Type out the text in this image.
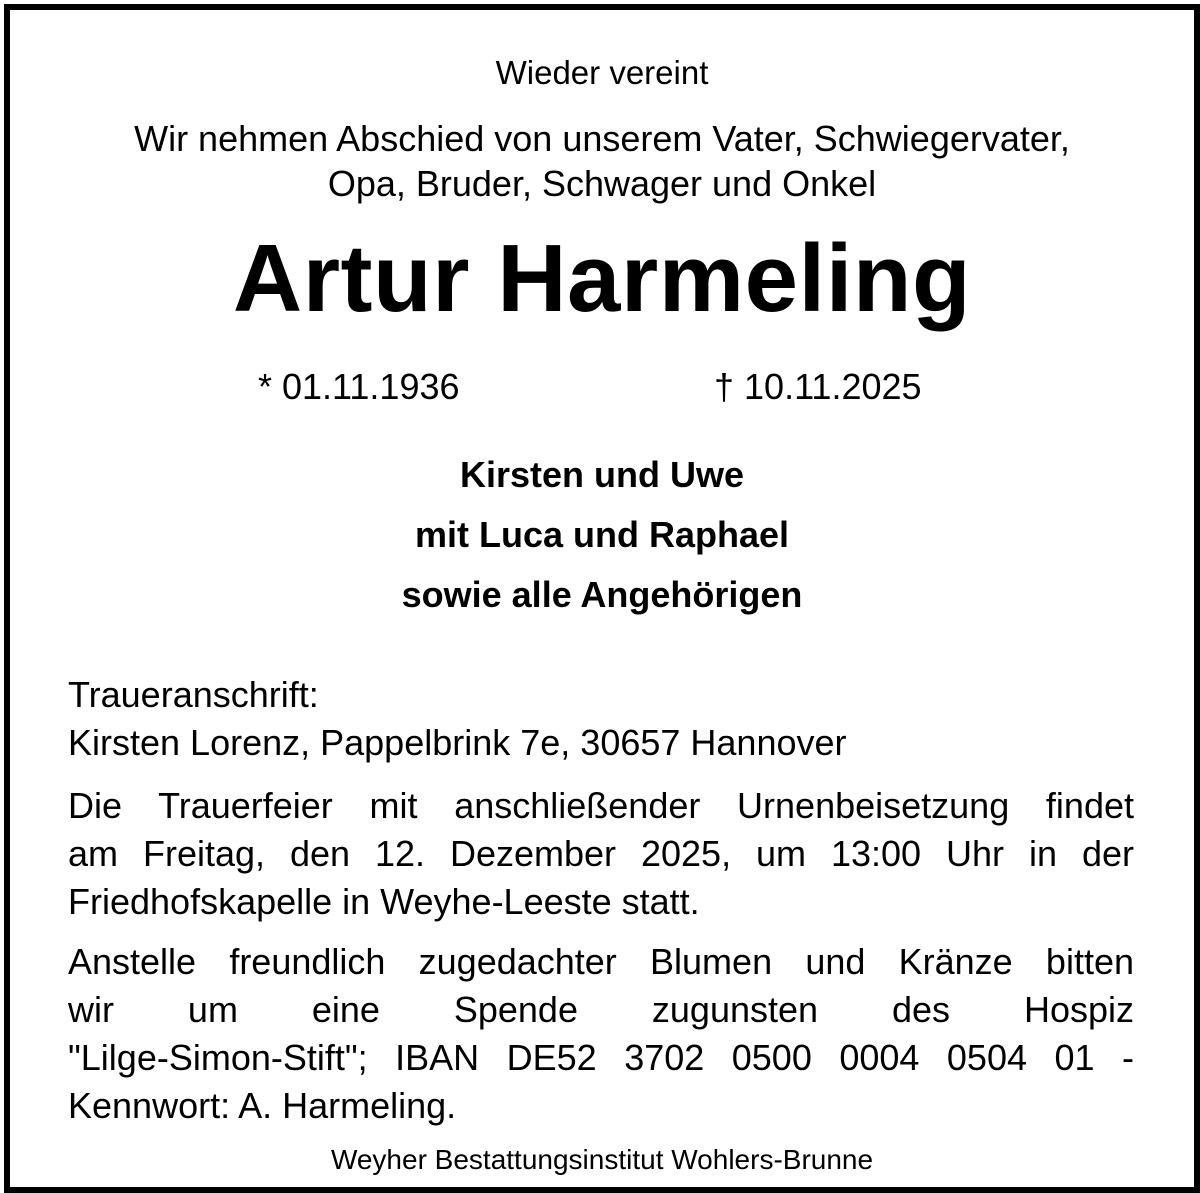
Wieder vereint
Wir nehmen Abschied von unserem Vater, Schwiegervater,
Opa, Bruder, Schwager und Onkel
Artur Harmeling
* 01.11.1936	† 10.11.2025
Kirsten und Uwe
mit Luca und Raphael
sowie alle Angehörigen
Traueranschrift:
Kirsten Lorenz, Pappelbrink 7e, 30657 Hannover
Die Trauerfeier mit anschließender Urnenbeisetzung findet
am Freitag, den 12. Dezember 2025, um 13:00 Uhr in der
Friedhofskapelle in Weyhe-Leeste statt.
Anstelle freundlich zugedachter Blumen und Kränze bitten
wir um eine Spende zugunsten des Hospiz
"Lilge-Simon-Stift"; IBAN DE52 3702 0500 0004 0504 01 -
Kennwort: A. Harmeling.
Weyher Bestattungsinstitut Wohlers-Brunne
